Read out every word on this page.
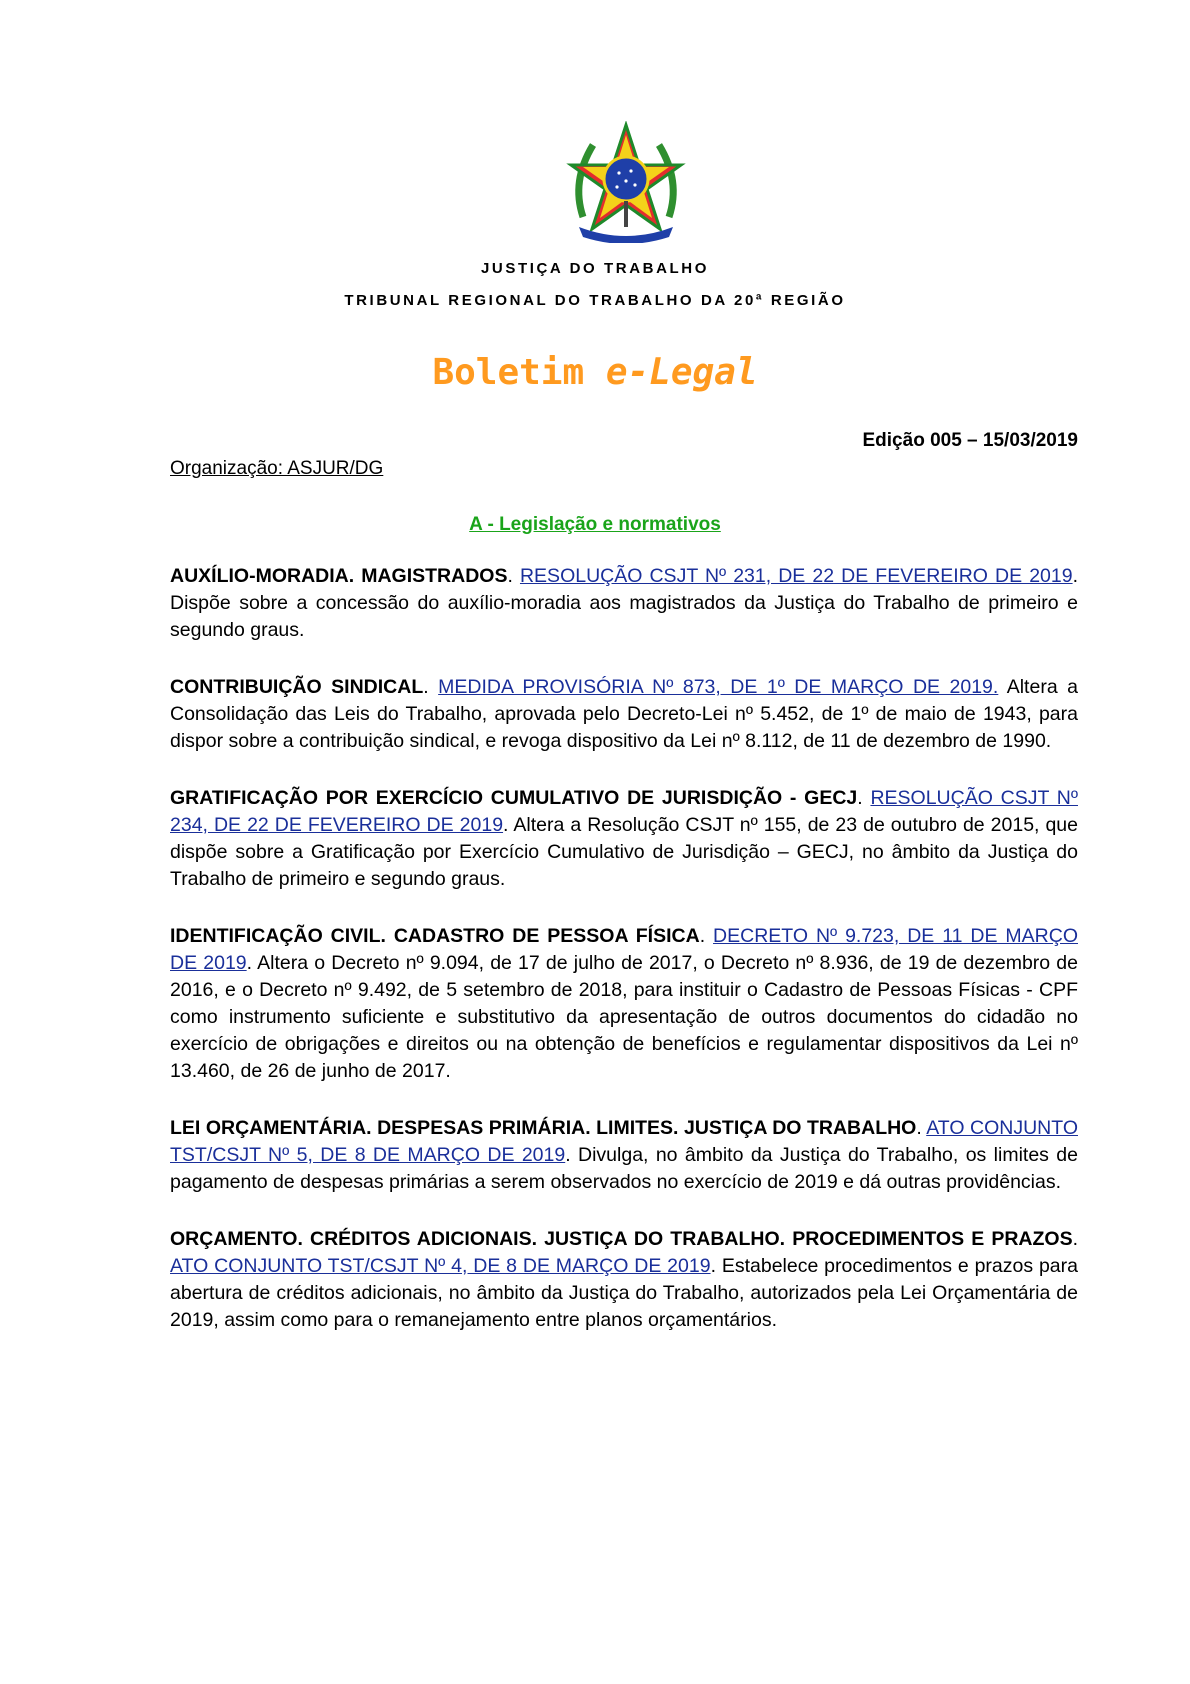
JUSTIÇA DO TRABALHO
TRIBUNAL REGIONAL DO TRABALHO DA 20ª REGIÃO
Boletim e-Legal
Edição 005 – 15/03/2019
Organização: ASJUR/DG
A - Legislação e normativos

AUXÍLIO-MORADIA. MAGISTRADOS. RESOLUÇÃO CSJT Nº 231, DE 22 DE FEVEREIRO DE 2019. Dispõe sobre a concessão do auxílio-moradia aos magistrados da Justiça do Trabalho de primeiro e segundo graus.

CONTRIBUIÇÃO SINDICAL. MEDIDA PROVISÓRIA Nº 873, DE 1º DE MARÇO DE 2019. Altera a Consolidação das Leis do Trabalho, aprovada pelo Decreto-Lei nº 5.452, de 1º de maio de 1943, para dispor sobre a contribuição sindical, e revoga dispositivo da Lei nº 8.112, de 11 de dezembro de 1990.

GRATIFICAÇÃO POR EXERCÍCIO CUMULATIVO DE JURISDIÇÃO - GECJ. RESOLUÇÃO CSJT Nº 234, DE 22 DE FEVEREIRO DE 2019. Altera a Resolução CSJT nº 155, de 23 de outubro de 2015, que dispõe sobre a Gratificação por Exercício Cumulativo de Jurisdição – GECJ, no âmbito da Justiça do Trabalho de primeiro e segundo graus.

IDENTIFICAÇÃO CIVIL. CADASTRO DE PESSOA FÍSICA. DECRETO Nº 9.723, DE 11 DE MARÇO DE 2019. Altera o Decreto nº 9.094, de 17 de julho de 2017, o Decreto nº 8.936, de 19 de dezembro de 2016, e o Decreto nº 9.492, de 5 setembro de 2018, para instituir o Cadastro de Pessoas Físicas - CPF como instrumento suficiente e substitutivo da apresentação de outros documentos do cidadão no exercício de obrigações e direitos ou na obtenção de benefícios e regulamentar dispositivos da Lei nº 13.460, de 26 de junho de 2017.

LEI ORÇAMENTÁRIA. DESPESAS PRIMÁRIA. LIMITES. JUSTIÇA DO TRABALHO. ATO CONJUNTO TST/CSJT Nº 5, DE 8 DE MARÇO DE 2019. Divulga, no âmbito da Justiça do Trabalho, os limites de pagamento de despesas primárias a serem observados no exercício de 2019 e dá outras providências.

ORÇAMENTO. CRÉDITOS ADICIONAIS. JUSTIÇA DO TRABALHO. PROCEDIMENTOS E PRAZOS. ATO CONJUNTO TST/CSJT Nº 4, DE 8 DE MARÇO DE 2019. Estabelece procedimentos e prazos para abertura de créditos adicionais, no âmbito da Justiça do Trabalho, autorizados pela Lei Orçamentária de 2019, assim como para o remanejamento entre planos orçamentários.
